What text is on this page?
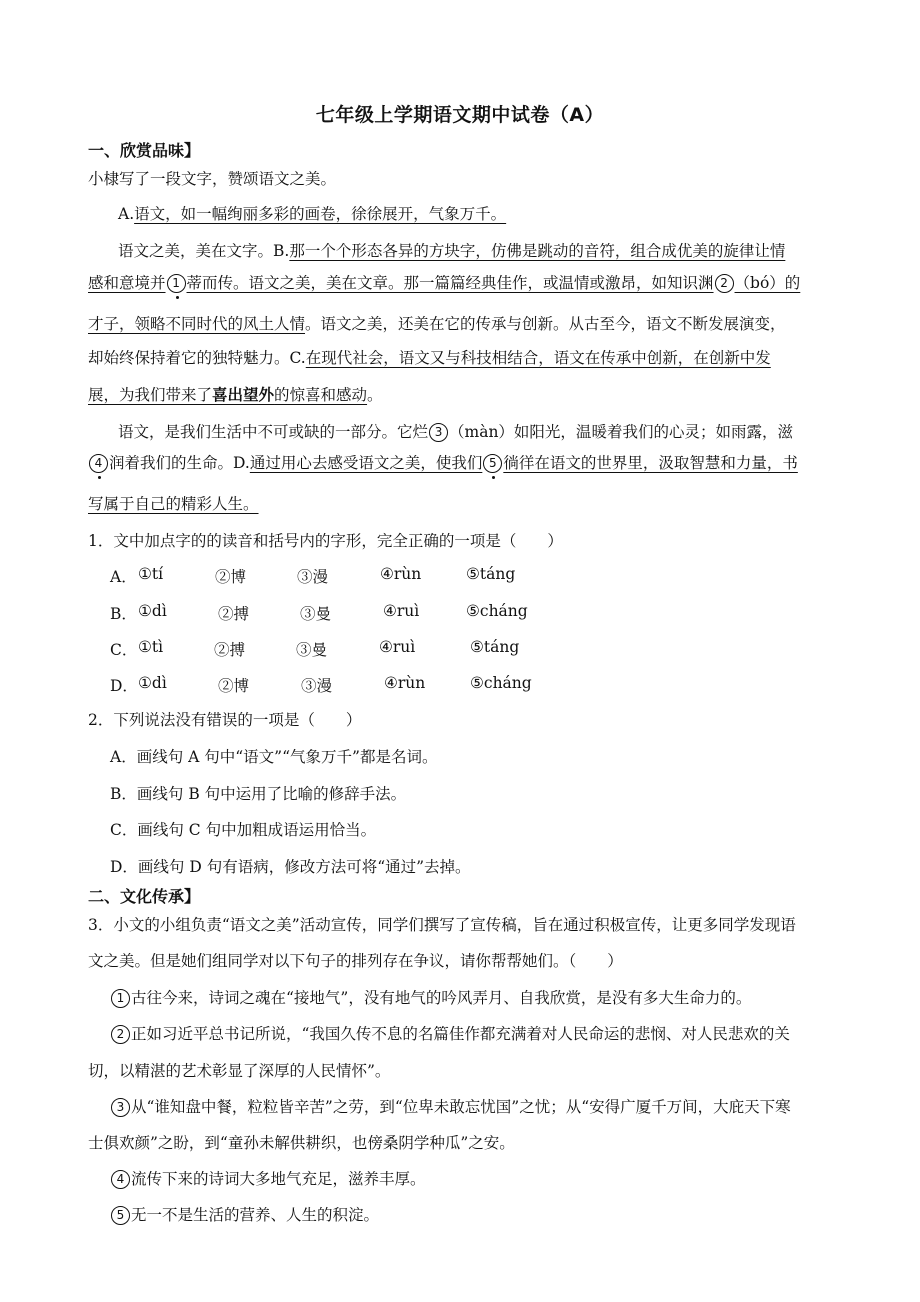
七年级上学期语文期中试卷（A）
一、欣赏品味】
小棣写了一段文字，赞颂语文之美。
A.语文，如一幅绚丽多彩的画卷，徐徐展开，气象万千。
语文之美，美在文字。B.那一个个形态各异的方块字，仿佛是跳动的音符，组合成优美的旋律让情
感和意境并 1 蒂而传。语文之美，美在文章。那一篇篇经典佳作，或温情或激昂，如知识渊 2 （bó）的
才子，领略不同时代的风土人情。语文之美，还美在它的传承与创新。从古至今，语文不断发展演变，
却始终保持着它的独特魅力。C.在现代社会，语文又与科技相结合，语文在传承中创新，在创新中发
展，为我们带来了喜出望外的惊喜和感动。
语文，是我们生活中不可或缺的一部分。它烂 3 （màn）如阳光，温暖着我们的心灵；如雨露，滋
4 润着我们的生命。D.通过用心去感受语文之美，使我们 5 徜徉在语文的世界里，汲取智慧和力量，书
写属于自己的精彩人生。
1．文中加点字的的读音和括号内的字形，完全正确的一项是（　　）
A． ①tí	②博	③漫	④rùn	⑤táng
B． ①dì	②搏	③曼	④ruì	⑤cháng
C． ①tì	②搏	③曼	④ruì	⑤táng
D． ①dì	②博	③漫	④rùn	⑤cháng
2．下列说法没有错误的一项是（　　）
A．画线句 A 句中“语文”“气象万千”都是名词。
B．画线句 B 句中运用了比喻的修辞手法。
C．画线句 C 句中加粗成语运用恰当。
D．画线句 D 句有语病，修改方法可将“通过”去掉。
二、文化传承】
3．小文的小组负责“语文之美”活动宣传，同学们撰写了宣传稿，旨在通过积极宣传，让更多同学发现语
文之美。但是她们组同学对以下句子的排列存在争议，请你帮帮她们。（　　）
1 古往今来，诗词之魂在“接地气”，没有地气的吟风弄月、自我欣赏，是没有多大生命力的。
2 正如习近平总书记所说，“我国久传不息的名篇佳作都充满着对人民命运的悲悯、对人民悲欢的关
切，以精湛的艺术彰显了深厚的人民情怀”。
3 从“谁知盘中餐，粒粒皆辛苦”之劳，到“位卑未敢忘忧国”之忧；从“安得广厦千万间，大庇天下寒
士俱欢颜”之盼，到“童孙未解供耕织，也傍桑阴学种瓜”之安。
4 流传下来的诗词大多地气充足，滋养丰厚。
5 无一不是生活的营养、人生的积淀。
